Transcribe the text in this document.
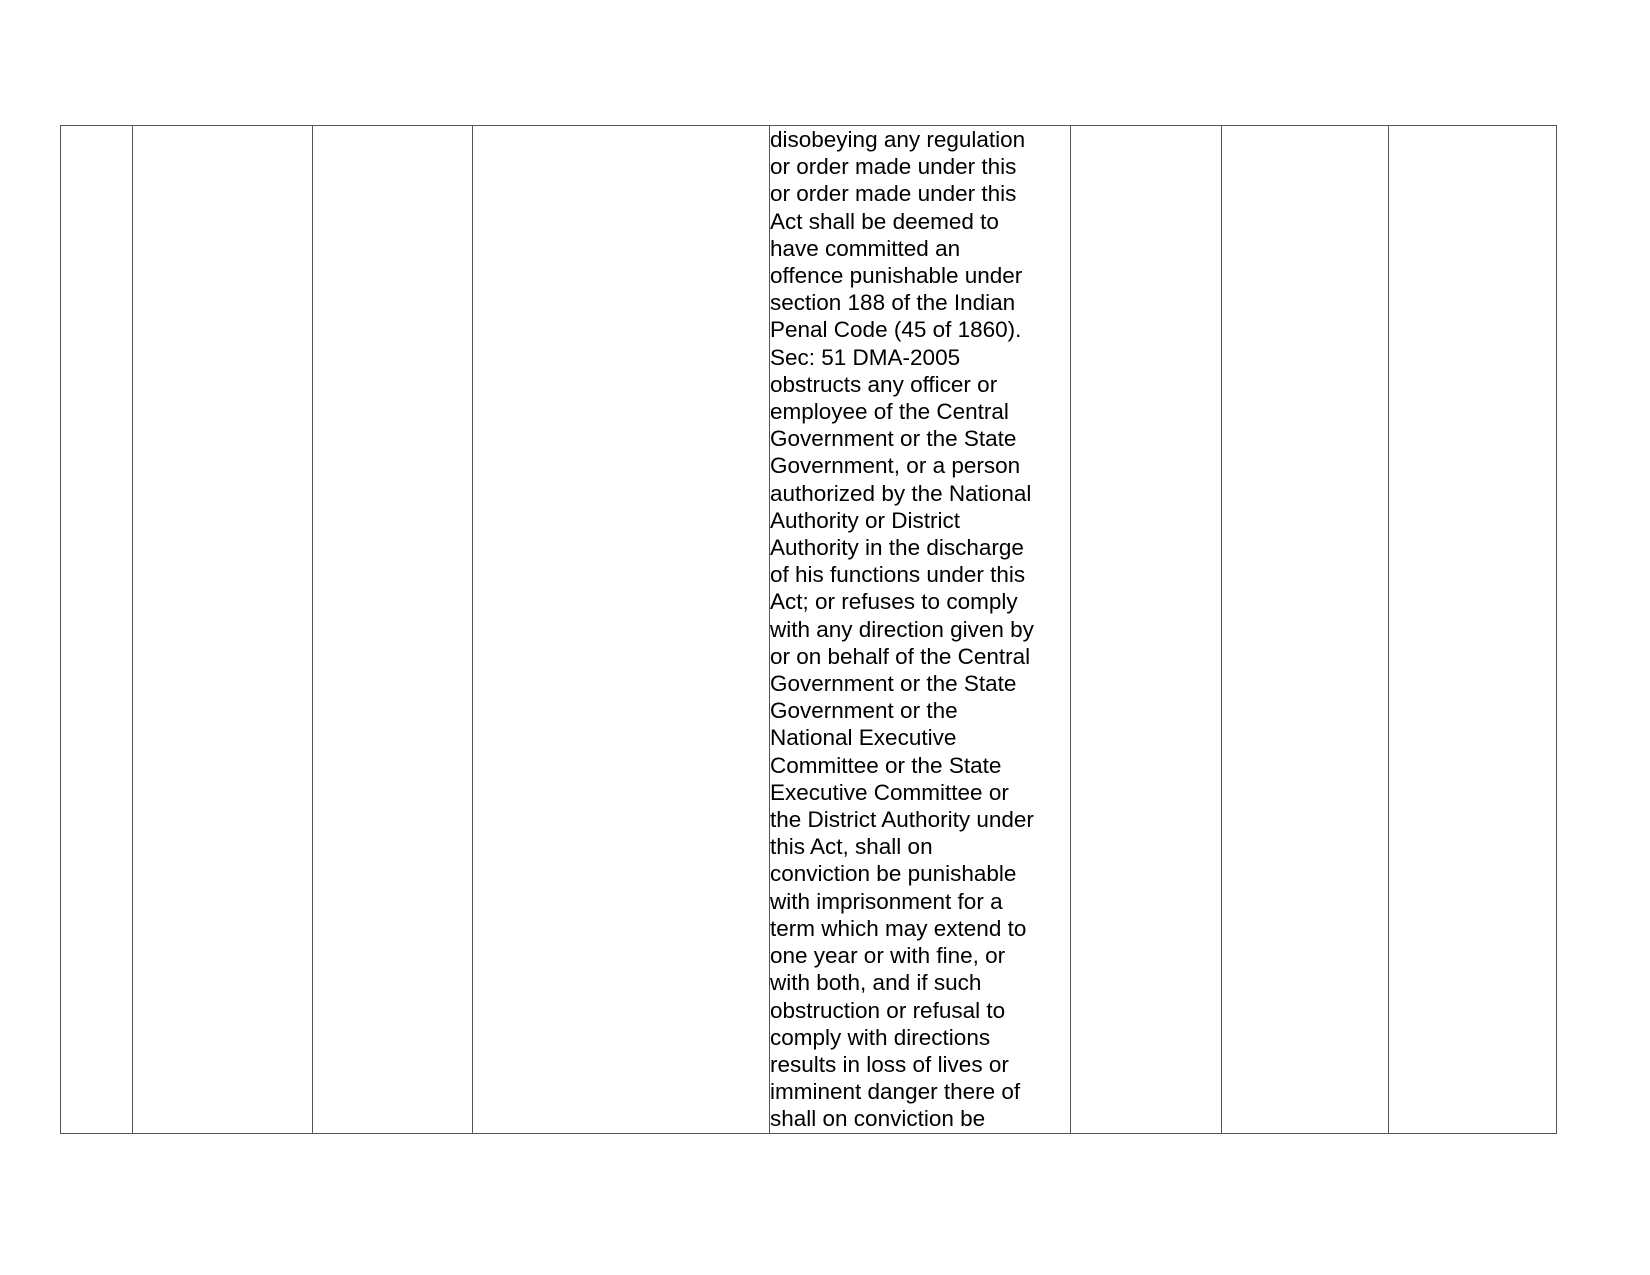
disobeying any regulation
or order made under this
or order made under this
Act shall be deemed to
have committed an
offence punishable under
section 188 of the Indian
Penal Code (45 of 1860).
Sec: 51 DMA-2005
obstructs any officer or
employee of the Central
Government or the State
Government, or a person
authorized by the National
Authority or District
Authority in the discharge
of his functions under this
Act; or refuses to comply
with any direction given by
or on behalf of the Central
Government or the State
Government or the
National Executive
Committee or the State
Executive Committee or
the District Authority under
this Act, shall on
conviction be punishable
with imprisonment for a
term which may extend to
one year or with fine, or
with both, and if such
obstruction or refusal to
comply with directions
results in loss of lives or
imminent danger there of
shall on conviction be
